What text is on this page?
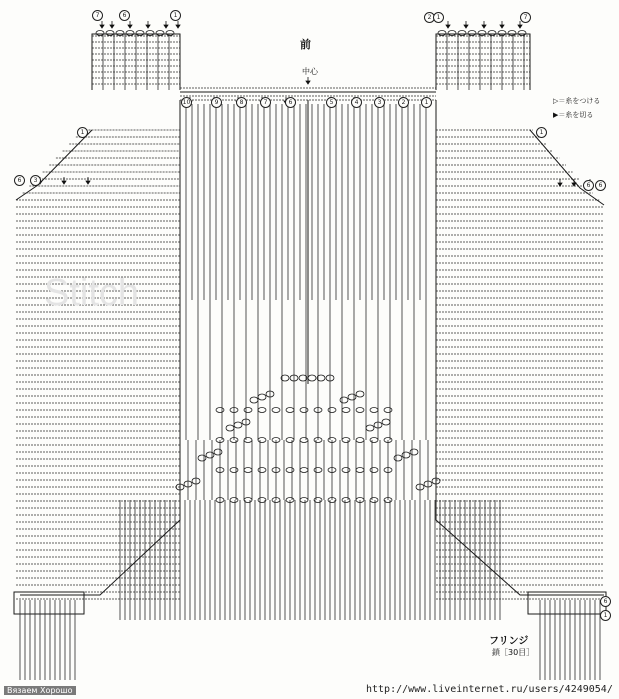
Stitch
前
中心
▷＝糸をつける
▶＝糸を切る
フリンジ
鎖［30目］
Вязаем Хорошо	http://www.liveinternet.ru/users/4249054/
7	6	1	2 1	7
10	9	8	7	6	5	4	3	2	1
6	3
1
6	6
1
6
1
